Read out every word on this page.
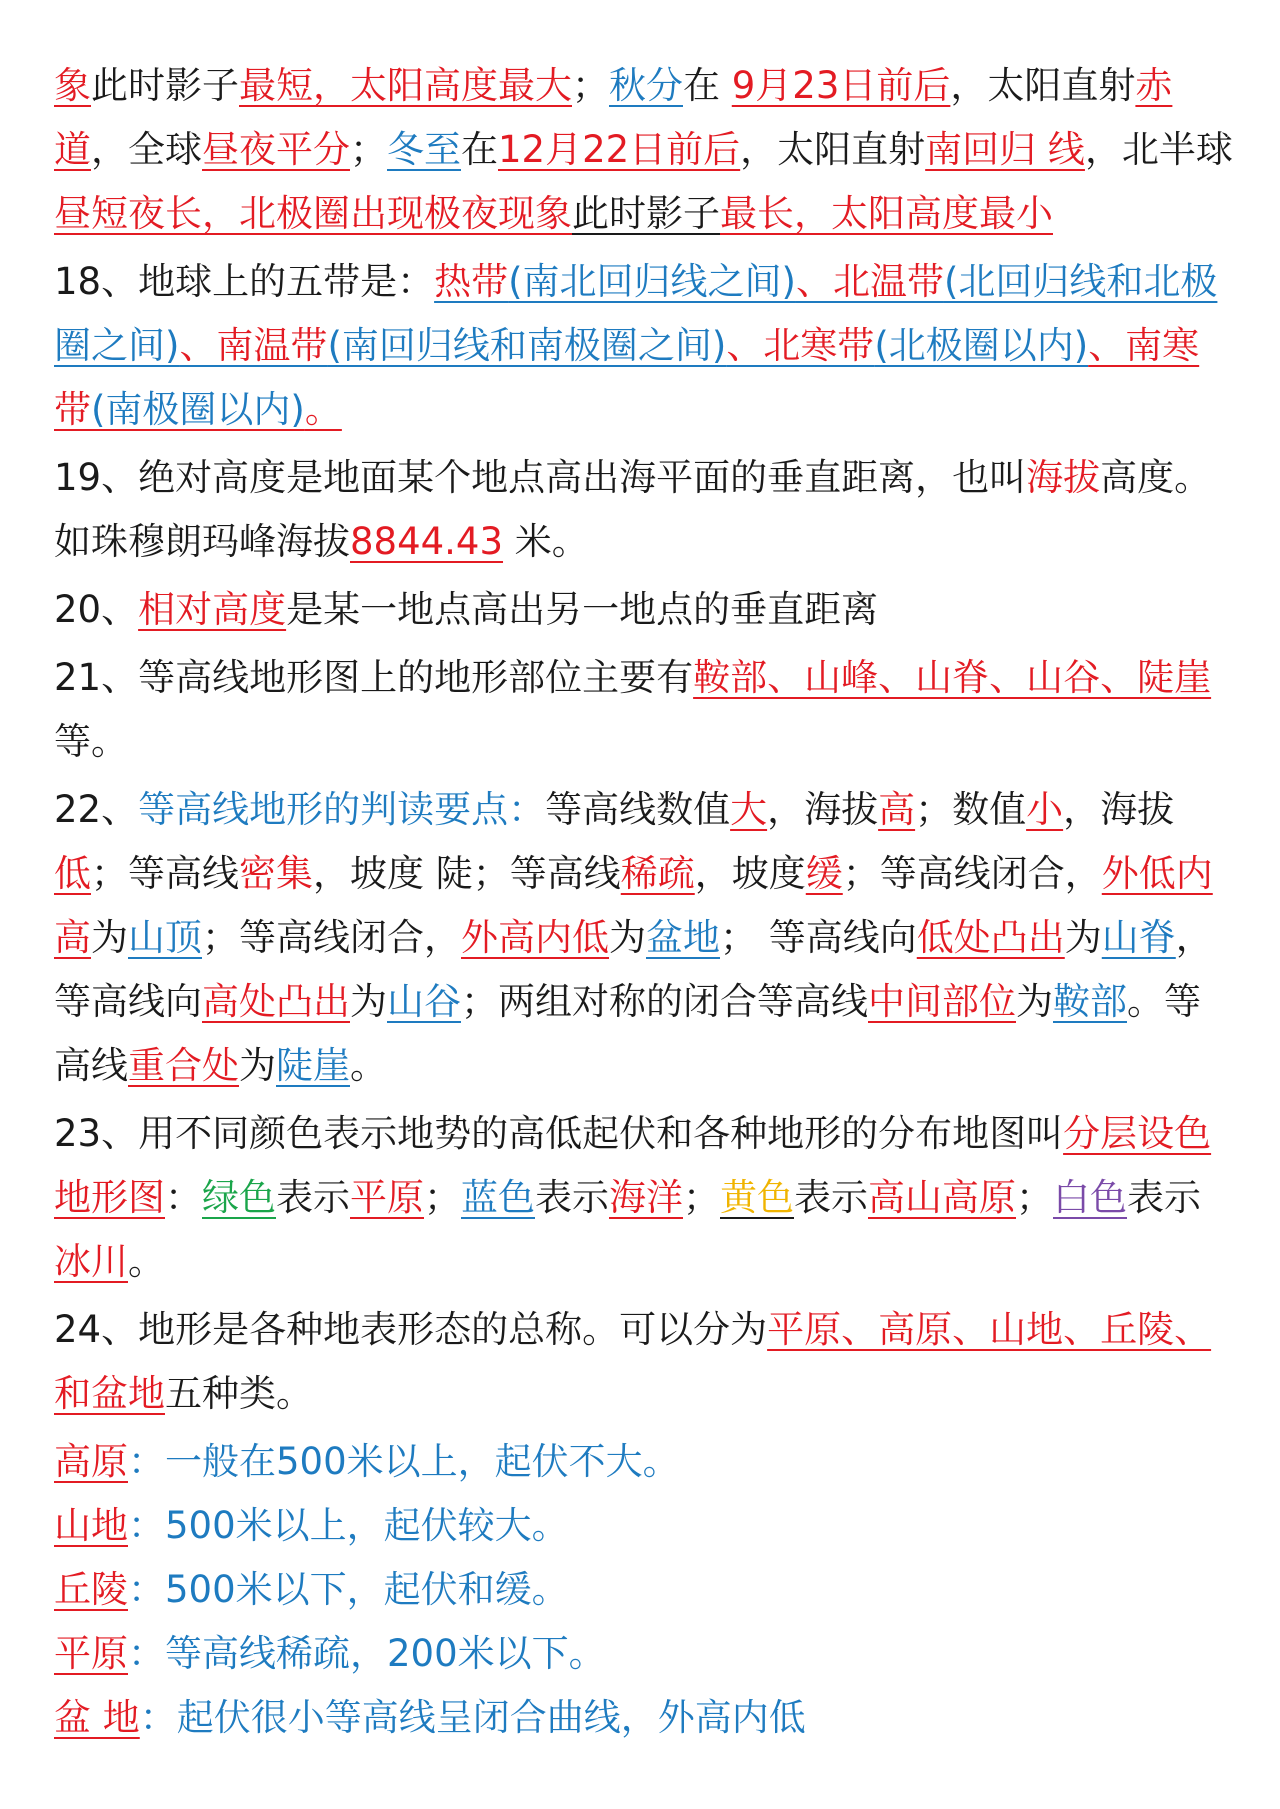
象此时影子最短，太阳高度最大；秋分在 9月23日前后，太阳直射赤道，全球昼夜平分；冬至在12月22日前后，太阳直射南回归 线，北半球昼短夜长，北极圈出现极夜现象此时影子最长，太阳高度最小

18、地球上的五带是：热带(南北回归线之间)、北温带(北回归线和北极圈之间)、南温带(南回归线和南极圈之间)、北寒带(北极圈以内)、南寒带(南极圈以内)。

19、绝对高度是地面某个地点高出海平面的垂直距离，也叫海拔高度。如珠穆朗玛峰海拔8844.43 米。

20、相对高度是某一地点高出另一地点的垂直距离

21、等高线地形图上的地形部位主要有鞍部、山峰、山脊、山谷、陡崖等。

22、等高线地形的判读要点：等高线数值大，海拔高；数值小，海拔低；等高线密集，坡度 陡；等高线稀疏，坡度缓；等高线闭合，外低内高为山顶；等高线闭合，外高内低为盆地； 等高线向低处凸出为山脊，等高线向高处凸出为山谷；两组对称的闭合等高线中间部位为鞍部。等高线重合处为陡崖。

23、用不同颜色表示地势的高低起伏和各种地形的分布地图叫分层设色地形图：绿色表示平原；蓝色表示海洋；黄色表示高山高原；白色表示冰川。

24、地形是各种地表形态的总称。可以分为平原、高原、山地、丘陵、和盆地五种类。

高原：一般在500米以上，起伏不大。
山地：500米以上，起伏较大。
丘陵：500米以下，起伏和缓。
平原：等高线稀疏，200米以下。
盆 地：起伏很小等高线呈闭合曲线，外高内低
